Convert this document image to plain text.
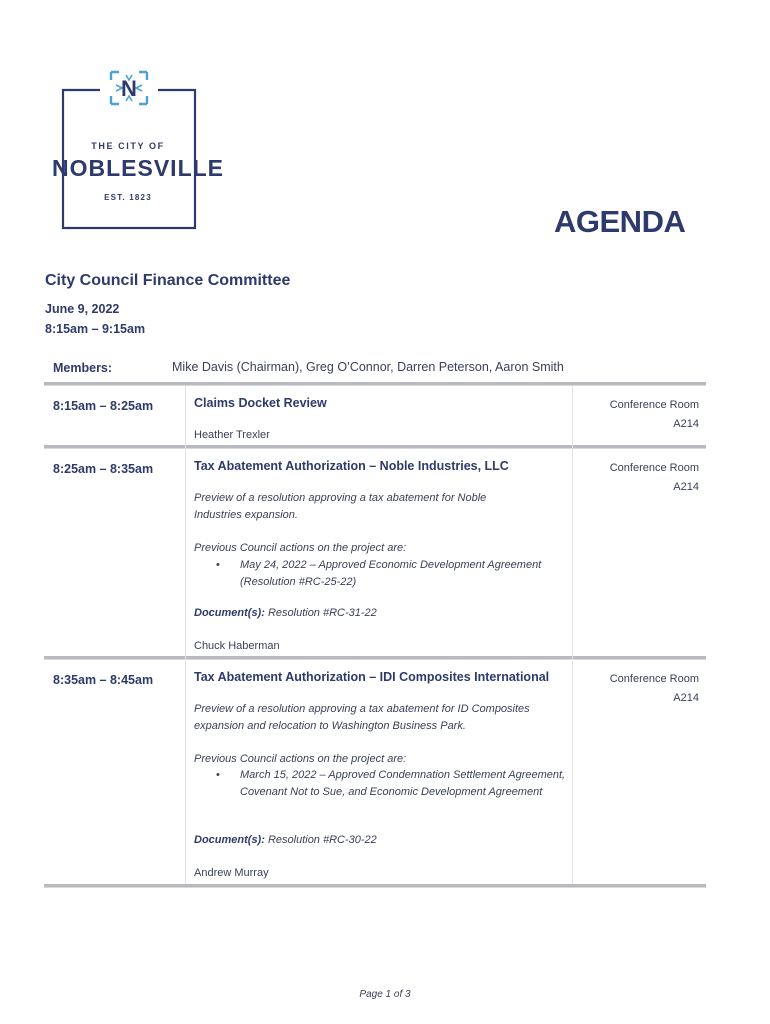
N
THE CITY OF
NOBLESVILLE
EST. 1823
AGENDA
City Council Finance Committee
June 9, 2022
8:15am – 9:15am
Members:	Mike Davis (Chairman), Greg O’Connor, Darren Peterson, Aaron Smith
8:15am – 8:25am	Claims Docket Review	Conference Room
A214
Heather Trexler
8:25am – 8:35am	Tax Abatement Authorization – Noble Industries, LLC	Conference Room
A214
Preview of a resolution approving a tax abatement for Noble Industries expansion.
Previous Council actions on the project are:
• May 24, 2022 – Approved Economic Development Agreement (Resolution #RC-25-22)
Document(s): Resolution #RC-31-22
Chuck Haberman
8:35am – 8:45am	Tax Abatement Authorization – IDI Composites International	Conference Room
A214
Preview of a resolution approving a tax abatement for ID Composites expansion and relocation to Washington Business Park.
Previous Council actions on the project are:
• March 15, 2022 – Approved Condemnation Settlement Agreement, Covenant Not to Sue, and Economic Development Agreement
Document(s): Resolution #RC-30-22
Andrew Murray
Page 1 of 3
